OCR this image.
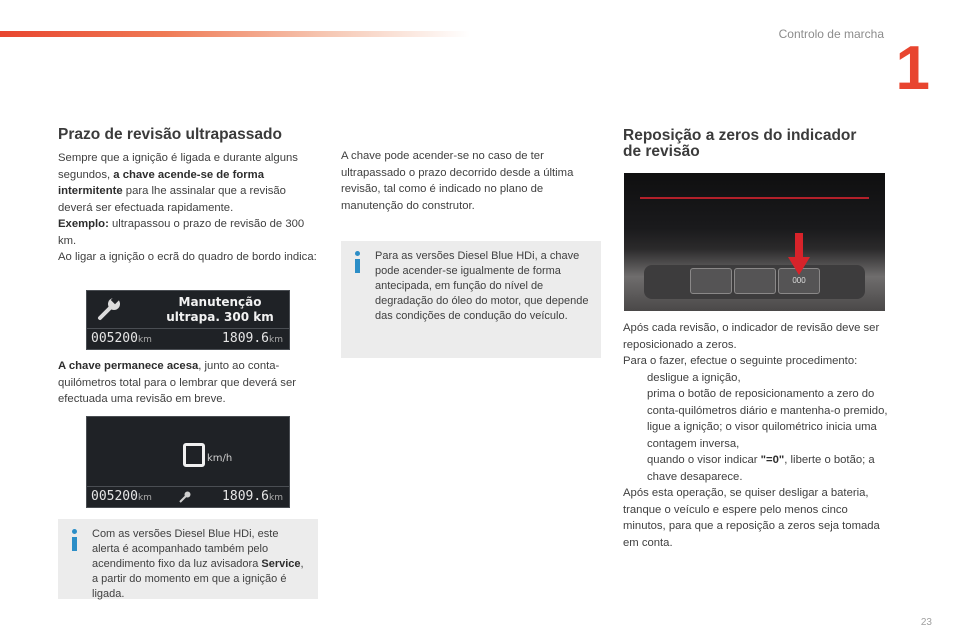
Controlo de marcha 1
23
Prazo de revisão ultrapassado

Sempre que a ignição é ligada e durante alguns segundos, a chave acende-se de forma intermitente para lhe assinalar que a revisão deverá ser efectuada rapidamente.
Exemplo: ultrapassou o prazo de revisão de 300 km.
Ao ligar a ignição o ecrã do quadro de bordo indica:

Manutenção
ultrapa. 300 km
005200km	1809.6km

A chave permanece acesa, junto ao conta-quilómetros total para o lembrar que deverá ser efectuada uma revisão em breve.

km/h
005200km	1809.6km

Com as versões Diesel Blue HDi, este alerta é acompanhado também pelo acendimento fixo da luz avisadora Service, a partir do momento em que a ignição é ligada.

A chave pode acender-se no caso de ter ultrapassado o prazo decorrido desde a última revisão, tal como é indicado no plano de manutenção do construtor.

Para as versões Diesel Blue HDi, a chave pode acender-se igualmente de forma antecipada, em função do nível de degradação do óleo do motor, que depende das condições de condução do veículo.

Reposição a zeros do indicador
de revisão
000

Após cada revisão, o indicador de revisão deve ser reposicionado a zeros.

Para o fazer, efectue o seguinte procedimento:

desligue a ignição,
prima o botão de reposicionamento a zero do conta-quilómetros diário e mantenha-o premido,
ligue a ignição; o visor quilométrico inicia uma contagem inversa,
quando o visor indicar "=0", liberte o botão; a chave desaparece.

Após esta operação, se quiser desligar a bateria, tranque o veículo e espere pelo menos cinco minutos, para que a reposição a zeros seja tomada em conta.
